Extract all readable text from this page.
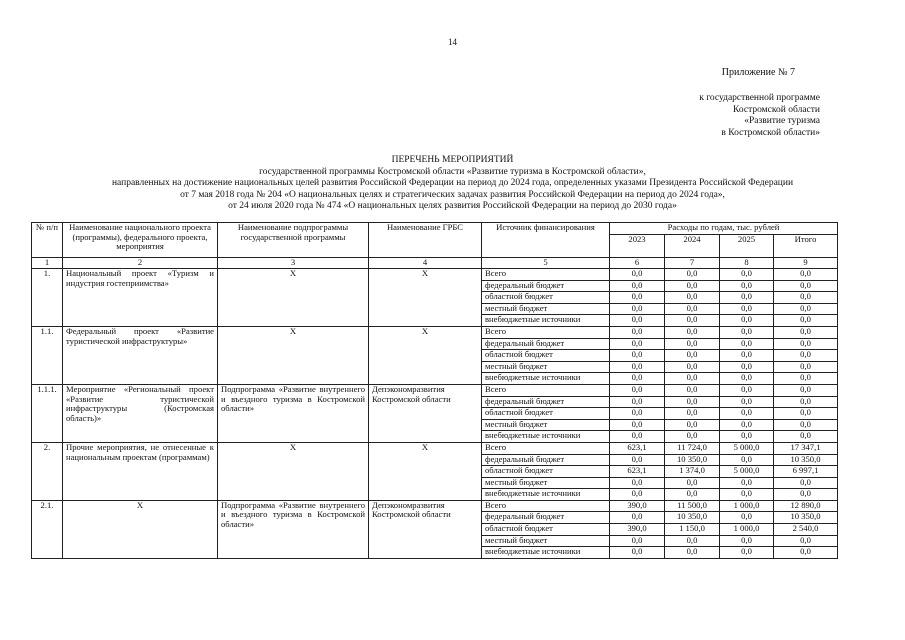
14
Приложение № 7
к государственной программе
Костромской области
«Развитие туризма
в Костромской области»
ПЕРЕЧЕНЬ МЕРОПРИЯТИЙ
государственной программы Костромской области «Развитие туризма в Костромской области»,
направленных на достижение национальных целей развития Российской Федерации на период до 2024 года, определенных указами Президента Российской Федерации
от 7 мая 2018 года № 204 «О национальных целях и стратегических задачах развития Российской Федерации на период до 2024 года»,
от 24 июля 2020 года № 474 «О национальных целях развития Российской Федерации на период до 2030 года»
№ п/п	Наименование национального проекта (программы), федерального проекта, мероприятия	Наименование подпрограммы государственной программы	Наименование ГРБС	Источник финансирования	Расходы по годам, тыс. рублей			
					2023	2024	2025	Итого
1	2	3	4	5	6	7	8	9
1.	Национальный проект «Туризм и индустрия гостеприимства»	Х	Х	Всего	0,0	0,0	0,0	0,0
				федеральный бюджет	0,0	0,0	0,0	0,0
				областной бюджет	0,0	0,0	0,0	0,0
				местный бюджет	0,0	0,0	0,0	0,0
				внебюджетные источники	0,0	0,0	0,0	0,0
1.1.	Федеральный проект «Развитие туристической инфраструктуры»	Х	Х	Всего	0,0	0,0	0,0	0,0
				федеральный бюджет	0,0	0,0	0,0	0,0
				областной бюджет	0,0	0,0	0,0	0,0
				местный бюджет	0,0	0,0	0,0	0,0
				внебюджетные источники	0,0	0,0	0,0	0,0
1.1.1.	Мероприятие «Региональный проект «Развитие туристической инфраструктуры (Костромская область)»	Подпрограмма «Развитие внутреннего и въездного туризма в Костромской области»	Депэкономразвития Костромской области	Всего	0,0	0,0	0,0	0,0
				федеральный бюджет	0,0	0,0	0,0	0,0
				областной бюджет	0,0	0,0	0,0	0,0
				местный бюджет	0,0	0,0	0,0	0,0
				внебюджетные источники	0,0	0,0	0,0	0,0
2.	Прочие мероприятия, не отнесенные к национальным проектам (программам)	Х	Х	Всего	623,1	11 724,0	5 000,0	17 347,1
				федеральный бюджет	0,0	10 350,0	0,0	10 350,0
				областной бюджет	623,1	1 374,0	5 000,0	6 997,1
				местный бюджет	0,0	0,0	0,0	0,0
				внебюджетные источники	0,0	0,0	0,0	0,0
2.1.	Х	Подпрограмма «Развитие внутреннего и въездного туризма в Костромской области»	Депэкономразвития Костромской области	Всего	390,0	11 500,0	1 000,0	12 890,0
				федеральный бюджет	0,0	10 350,0	0,0	10 350,0
				областной бюджет	390,0	1 150,0	1 000,0	2 540,0
				местный бюджет	0,0	0,0	0,0	0,0
				внебюджетные источники	0,0	0,0	0,0	0,0
